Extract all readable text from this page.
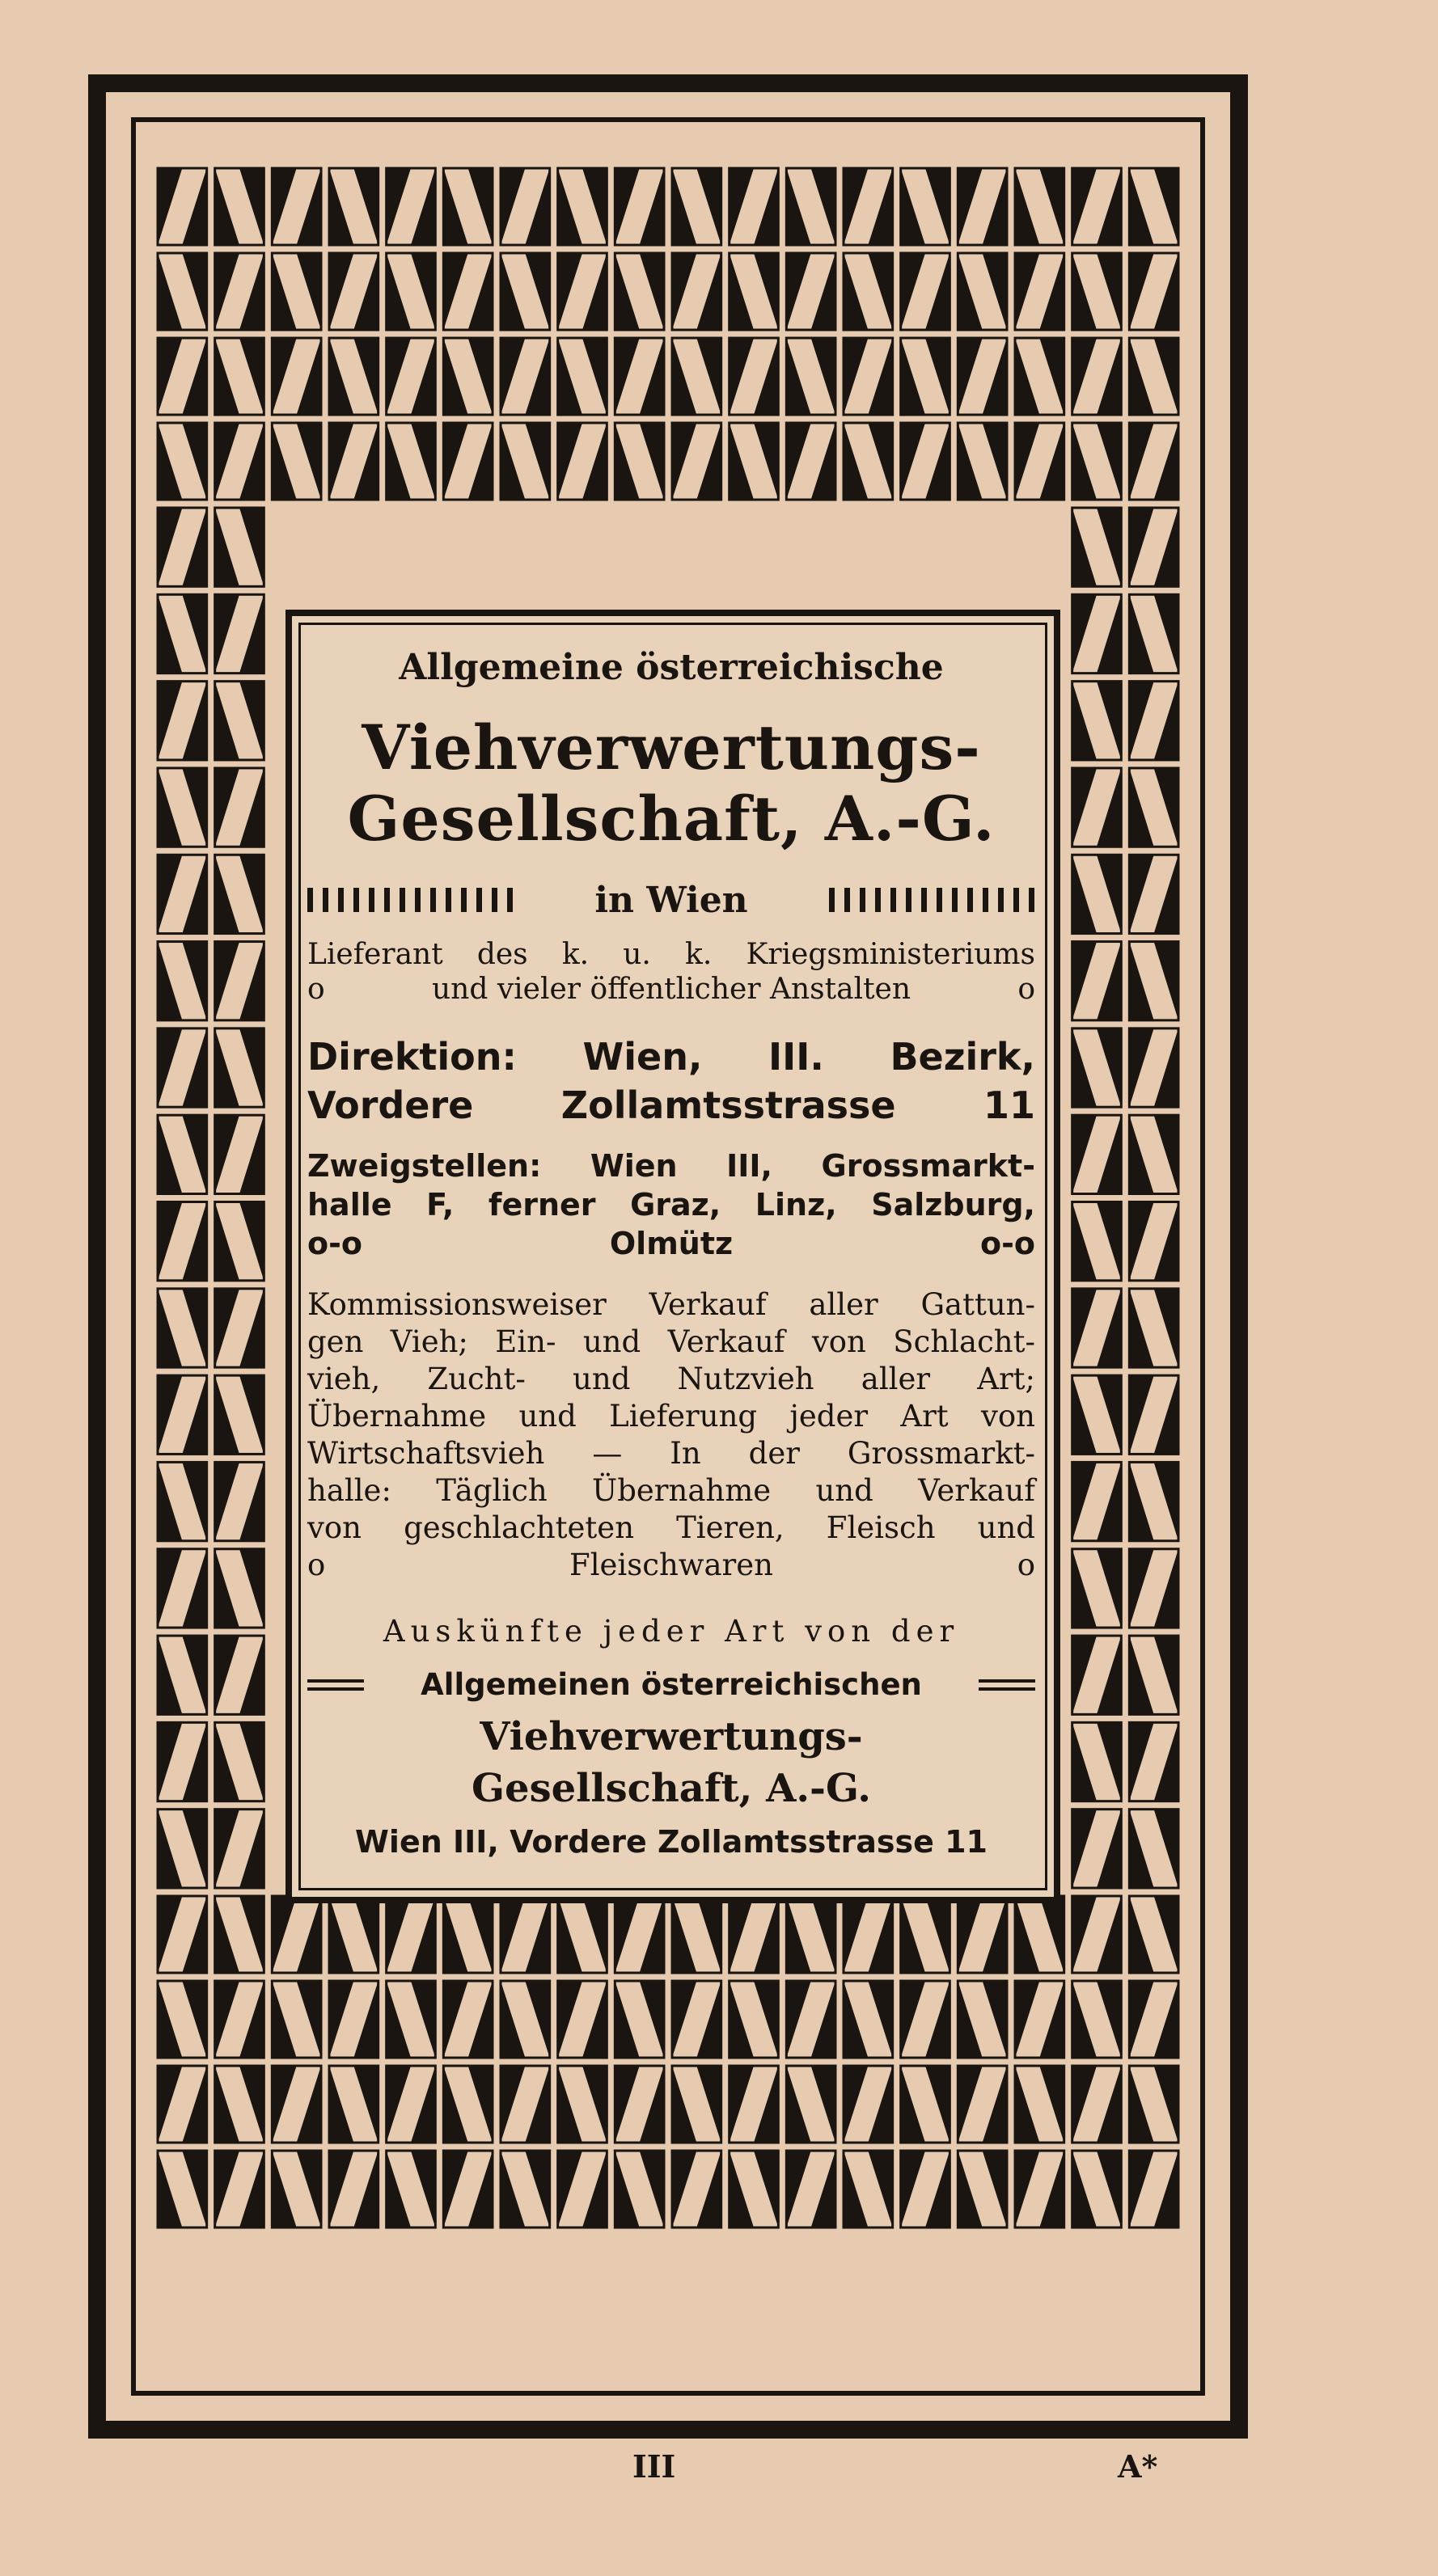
Allgemeine österreichische
Viehverwertungs-
Gesellschaft, A.-G.
in Wien
Lieferant des k. u. k. Kriegsministeriums
o	und vieler öffentlicher Anstalten	o
Direktion: Wien, III. Bezirk,
Vordere Zollamtsstrasse 11
Zweigstellen: Wien III, Grossmarkt-
halle F, ferner Graz, Linz, Salzburg,
o-o	Olmütz	o-o
Kommissionsweiser Verkauf aller Gattun-
gen Vieh; Ein- und Verkauf von Schlacht-
vieh, Zucht- und Nutzvieh aller Art;
Übernahme und Lieferung jeder Art von
Wirtschaftsvieh — In der Grossmarkt-
halle: Täglich Übernahme und Verkauf
von geschlachteten Tieren, Fleisch und
o	Fleischwaren	o
Auskünfte jeder Art von der
Allgemeinen österreichischen
Viehverwertungs-
Gesellschaft, A.-G.
Wien III, Vordere Zollamtsstrasse 11
III	A*
